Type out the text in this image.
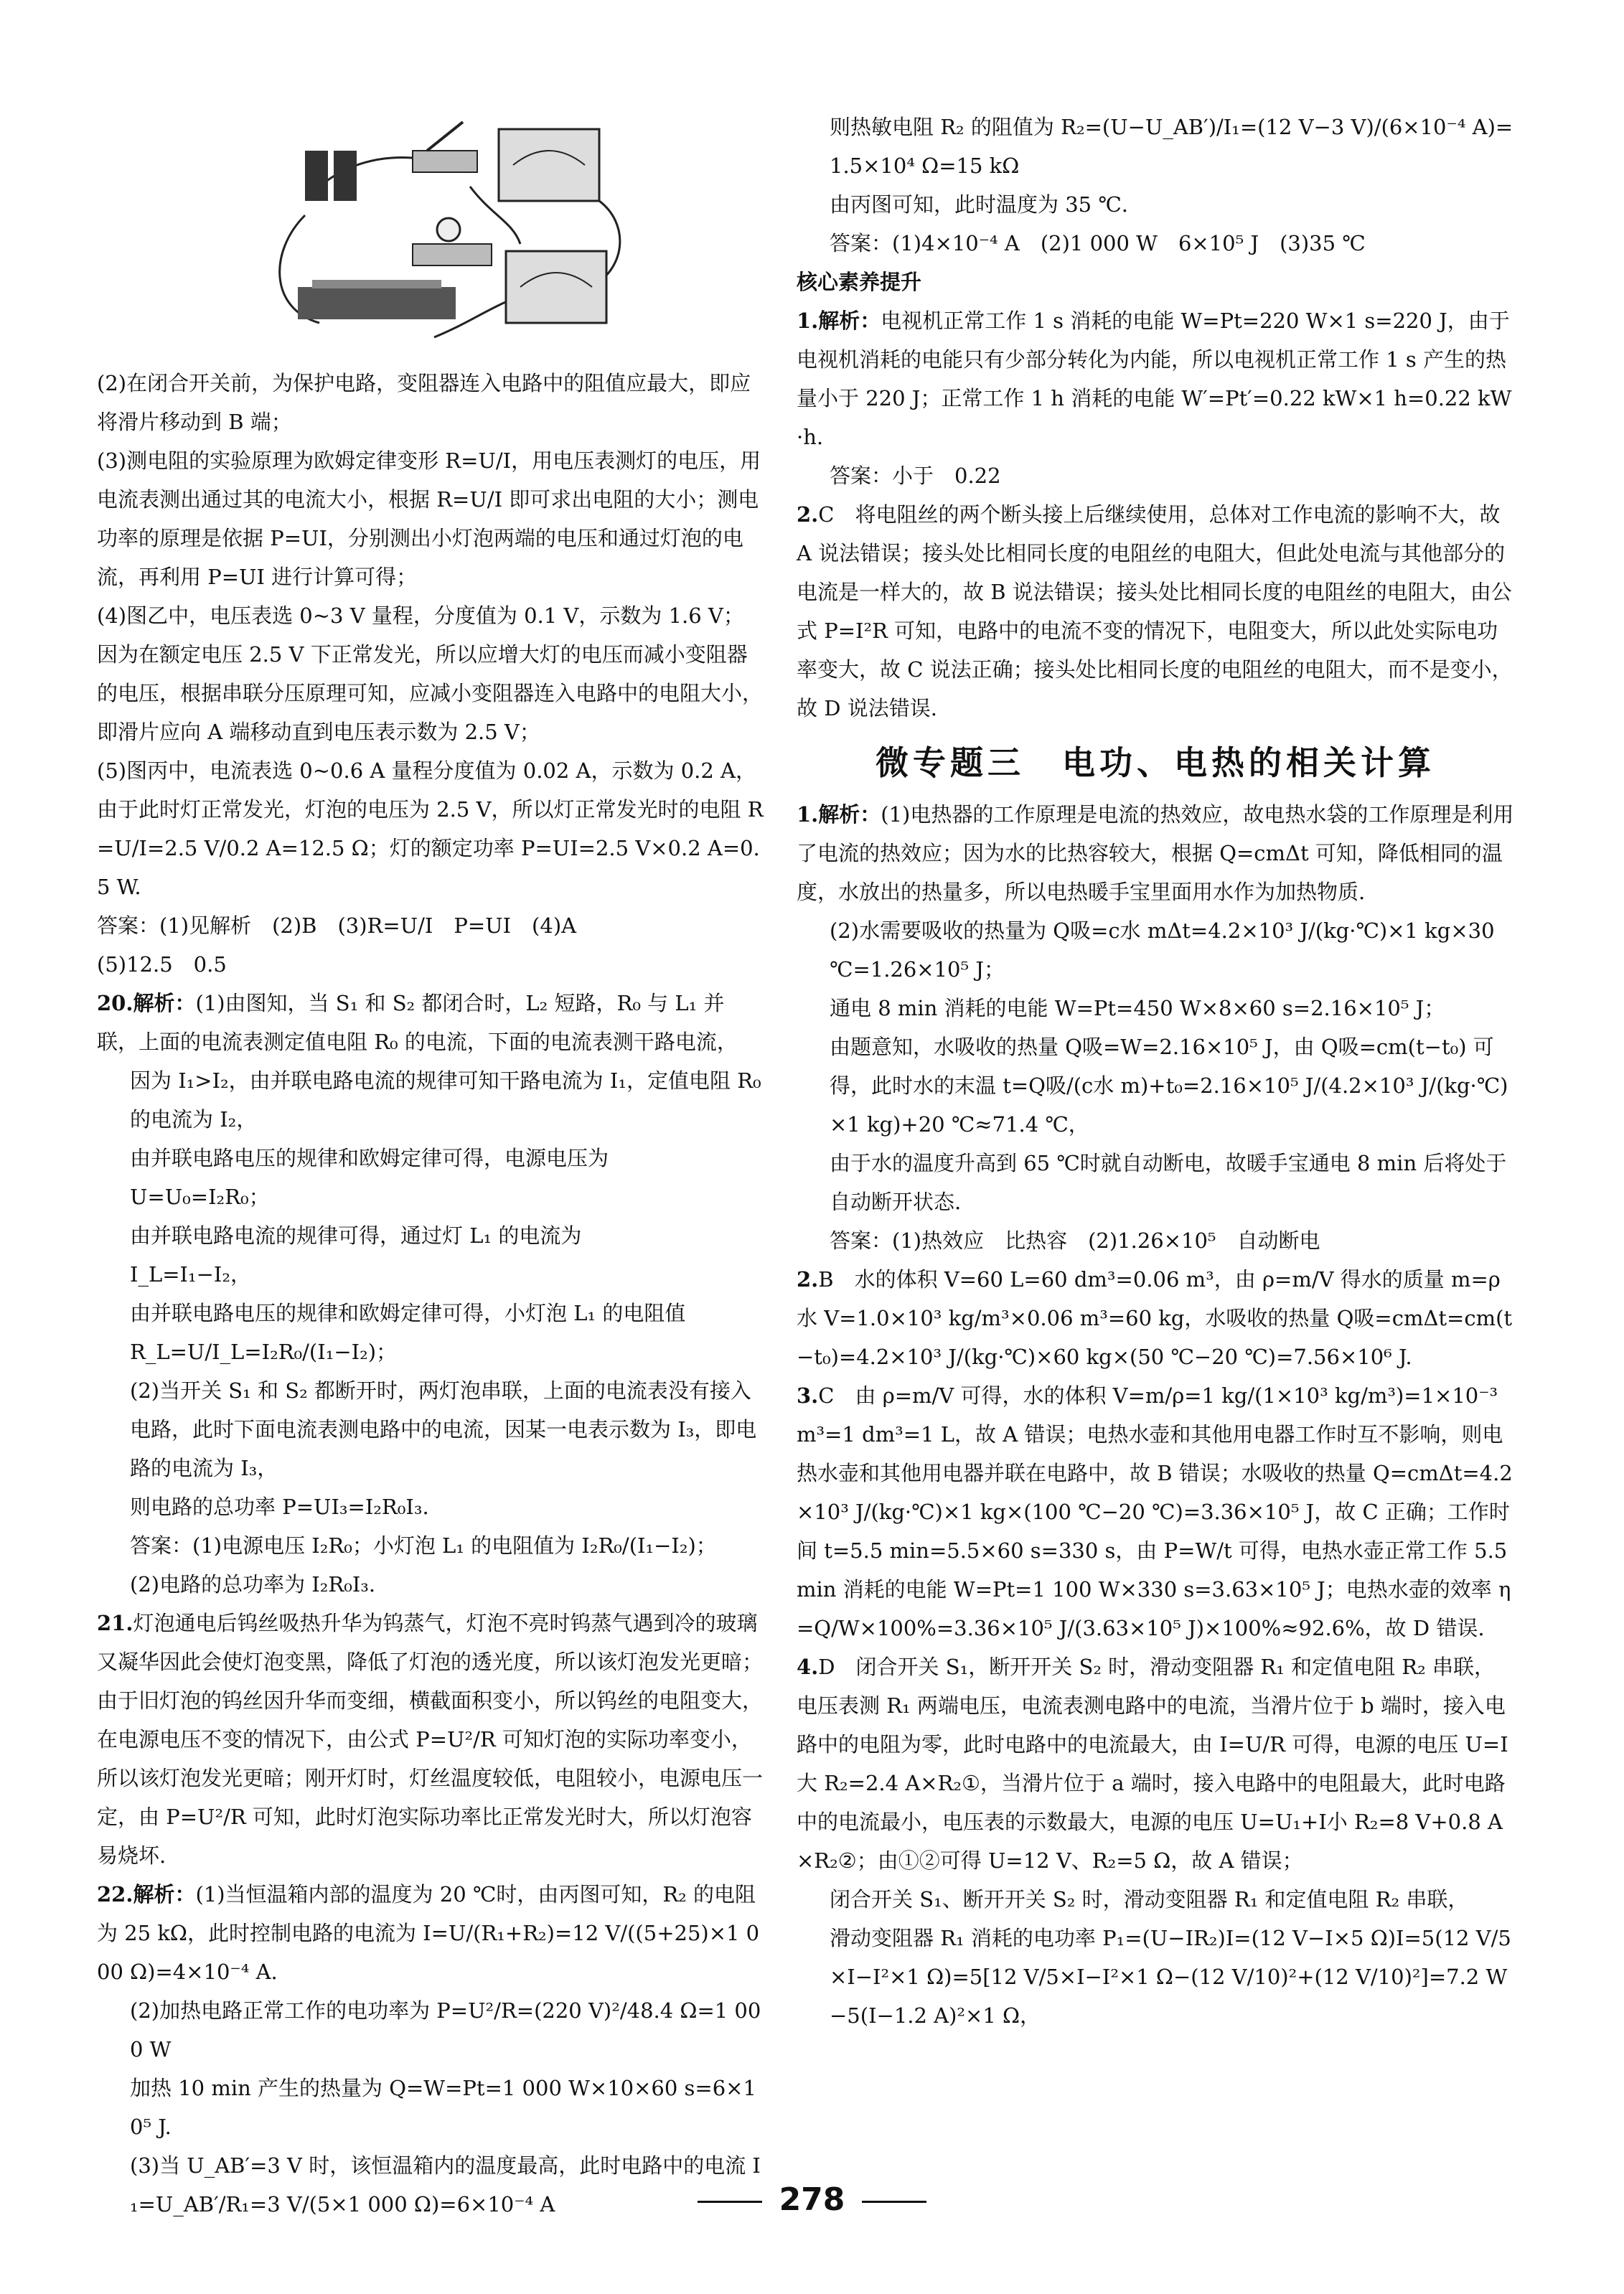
(2)在闭合开关前，为保护电路，变阻器连入电路中的阻值应最大，即应将滑片移动到 B 端；

(3)测电阻的实验原理为欧姆定律变形 R=U/I，用电压表测灯的电压，用电流表测出通过其的电流大小，根据 R=U/I 即可求出电阻的大小；测电功率的原理是依据 P=UI，分别测出小灯泡两端的电压和通过灯泡的电流，再利用 P=UI 进行计算可得；

(4)图乙中，电压表选 0~3 V 量程，分度值为 0.1 V，示数为 1.6 V；因为在额定电压 2.5 V 下正常发光，所以应增大灯的电压而减小变阻器的电压，根据串联分压原理可知，应减小变阻器连入电路中的电阻大小，即滑片应向 A 端移动直到电压表示数为 2.5 V；

(5)图丙中，电流表选 0~0.6 A 量程分度值为 0.02 A，示数为 0.2 A，由于此时灯正常发光，灯泡的电压为 2.5 V，所以灯正常发光时的电阻 R=U/I=2.5 V/0.2 A=12.5 Ω；灯的额定功率 P=UI=2.5 V×0.2 A=0.5 W.

答案：(1)见解析　(2)B　(3)R=U/I　P=UI　(4)A

(5)12.5　0.5

20.解析：(1)由图知，当 S₁ 和 S₂ 都闭合时，L₂ 短路，R₀ 与 L₁ 并联，上面的电流表测定值电阻 R₀ 的电流，下面的电流表测干路电流，

因为 I₁>I₂，由并联电路电流的规律可知干路电流为 I₁，定值电阻 R₀ 的电流为 I₂，

由并联电路电压的规律和欧姆定律可得，电源电压为

U=U₀=I₂R₀；

由并联电路电流的规律可得，通过灯 L₁ 的电流为

I_L=I₁−I₂，

由并联电路电压的规律和欧姆定律可得，小灯泡 L₁ 的电阻值

R_L=U/I_L=I₂R₀/(I₁−I₂)；

(2)当开关 S₁ 和 S₂ 都断开时，两灯泡串联，上面的电流表没有接入电路，此时下面电流表测电路中的电流，因某一电表示数为 I₃，即电路的电流为 I₃，

则电路的总功率 P=UI₃=I₂R₀I₃.

答案：(1)电源电压 I₂R₀；小灯泡 L₁ 的电阻值为 I₂R₀/(I₁−I₂)；

(2)电路的总功率为 I₂R₀I₃.

21.灯泡通电后钨丝吸热升华为钨蒸气，灯泡不亮时钨蒸气遇到冷的玻璃又凝华因此会使灯泡变黑，降低了灯泡的透光度，所以该灯泡发光更暗；由于旧灯泡的钨丝因升华而变细，横截面积变小，所以钨丝的电阻变大，在电源电压不变的情况下，由公式 P=U²/R 可知灯泡的实际功率变小，所以该灯泡发光更暗；刚开灯时，灯丝温度较低，电阻较小，电源电压一定，由 P=U²/R 可知，此时灯泡实际功率比正常发光时大，所以灯泡容易烧坏.

22.解析：(1)当恒温箱内部的温度为 20 ℃时，由丙图可知，R₂ 的电阻为 25 kΩ，此时控制电路的电流为 I=U/(R₁+R₂)=12 V/((5+25)×1 000 Ω)=4×10⁻⁴ A.

(2)加热电路正常工作的电功率为 P=U²/R=(220 V)²/48.4 Ω=1 000 W

加热 10 min 产生的热量为 Q=W=Pt=1 000 W×10×60 s=6×10⁵ J.

(3)当 U_AB′=3 V 时，该恒温箱内的温度最高，此时电路中的电流 I₁=U_AB′/R₁=3 V/(5×1 000 Ω)=6×10⁻⁴ A

则热敏电阻 R₂ 的阻值为 R₂=(U−U_AB′)/I₁=(12 V−3 V)/(6×10⁻⁴ A)=1.5×10⁴ Ω=15 kΩ

由丙图可知，此时温度为 35 ℃.

答案：(1)4×10⁻⁴ A　(2)1 000 W　6×10⁵ J　(3)35 ℃

核心素养提升

1.解析：电视机正常工作 1 s 消耗的电能 W=Pt=220 W×1 s=220 J，由于电视机消耗的电能只有少部分转化为内能，所以电视机正常工作 1 s 产生的热量小于 220 J；正常工作 1 h 消耗的电能 W′=Pt′=0.22 kW×1 h=0.22 kW·h.

答案：小于　0.22

2.C　将电阻丝的两个断头接上后继续使用，总体对工作电流的影响不大，故 A 说法错误；接头处比相同长度的电阻丝的电阻大，但此处电流与其他部分的电流是一样大的，故 B 说法错误；接头处比相同长度的电阻丝的电阻大，由公式 P=I²R 可知，电路中的电流不变的情况下，电阻变大，所以此处实际电功率变大，故 C 说法正确；接头处比相同长度的电阻丝的电阻大，而不是变小，故 D 说法错误.

微专题三　电功、电热的相关计算

1.解析：(1)电热器的工作原理是电流的热效应，故电热水袋的工作原理是利用了电流的热效应；因为水的比热容较大，根据 Q=cmΔt 可知，降低相同的温度，水放出的热量多，所以电热暖手宝里面用水作为加热物质.

(2)水需要吸收的热量为 Q吸=c水 mΔt=4.2×10³ J/(kg·℃)×1 kg×30 ℃=1.26×10⁵ J；

通电 8 min 消耗的电能 W=Pt=450 W×8×60 s=2.16×10⁵ J；

由题意知，水吸收的热量 Q吸=W=2.16×10⁵ J，由 Q吸=cm(t−t₀) 可得，此时水的末温 t=Q吸/(c水 m)+t₀=2.16×10⁵ J/(4.2×10³ J/(kg·℃)×1 kg)+20 ℃≈71.4 ℃，

由于水的温度升高到 65 ℃时就自动断电，故暖手宝通电 8 min 后将处于自动断开状态.

答案：(1)热效应　比热容　(2)1.26×10⁵　自动断电

2.B　水的体积 V=60 L=60 dm³=0.06 m³，由 ρ=m/V 得水的质量 m=ρ水 V=1.0×10³ kg/m³×0.06 m³=60 kg，水吸收的热量 Q吸=cmΔt=cm(t−t₀)=4.2×10³ J/(kg·℃)×60 kg×(50 ℃−20 ℃)=7.56×10⁶ J.

3.C　由 ρ=m/V 可得，水的体积 V=m/ρ=1 kg/(1×10³ kg/m³)=1×10⁻³ m³=1 dm³=1 L，故 A 错误；电热水壶和其他用电器工作时互不影响，则电热水壶和其他用电器并联在电路中，故 B 错误；水吸收的热量 Q=cmΔt=4.2×10³ J/(kg·℃)×1 kg×(100 ℃−20 ℃)=3.36×10⁵ J，故 C 正确；工作时间 t=5.5 min=5.5×60 s=330 s，由 P=W/t 可得，电热水壶正常工作 5.5 min 消耗的电能 W=Pt=1 100 W×330 s=3.63×10⁵ J；电热水壶的效率 η=Q/W×100%=3.36×10⁵ J/(3.63×10⁵ J)×100%≈92.6%，故 D 错误.

4.D　闭合开关 S₁，断开开关 S₂ 时，滑动变阻器 R₁ 和定值电阻 R₂ 串联，电压表测 R₁ 两端电压，电流表测电路中的电流，当滑片位于 b 端时，接入电路中的电阻为零，此时电路中的电流最大，由 I=U/R 可得，电源的电压 U=I大 R₂=2.4 A×R₂①，当滑片位于 a 端时，接入电路中的电阻最大，此时电路中的电流最小，电压表的示数最大，电源的电压 U=U₁+I小 R₂=8 V+0.8 A×R₂②；由①②可得 U=12 V、R₂=5 Ω，故 A 错误；

闭合开关 S₁、断开开关 S₂ 时，滑动变阻器 R₁ 和定值电阻 R₂ 串联，

滑动变阻器 R₁ 消耗的电功率 P₁=(U−IR₂)I=(12 V−I×5 Ω)I=5(12 V/5×I−I²×1 Ω)=5[12 V/5×I−I²×1 Ω−(12 V/10)²+(12 V/10)²]=7.2 W−5(I−1.2 A)²×1 Ω，

278
